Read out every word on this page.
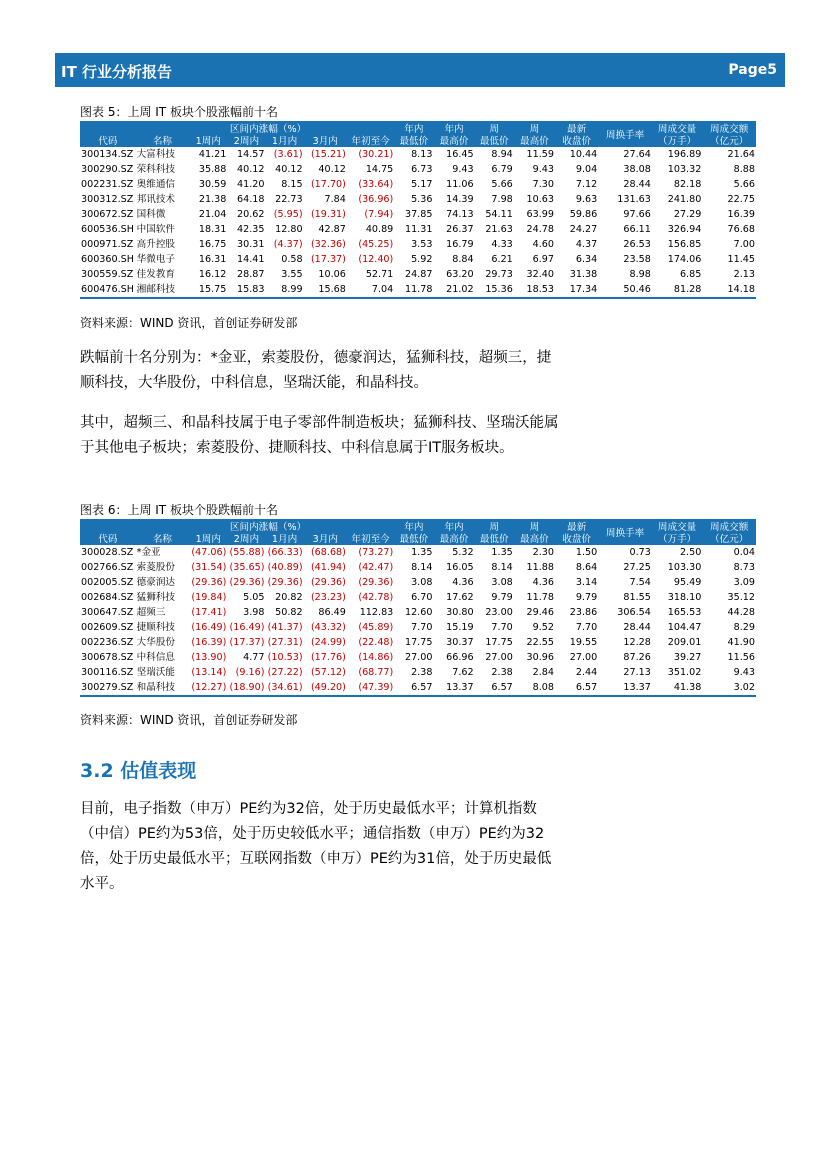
IT 行业分析报告	Page5
图表 5：上周 IT 板块个股涨幅前十名
		区间内涨幅（%）					年内	年内	周	周	最新	周换手率	周成交量	周成交额
代码	名称	1周内	2周内	1月内	3月内	年初至今	最低价	最高价	最低价	最高价	收盘价		（万手）	（亿元）
300134.SZ	大富科技	41.21	14.57	(3.61)	(15.21)	(30.21)	8.13	16.45	8.94	11.59	10.44	27.64	196.89	21.64
300290.SZ	荣科科技	35.88	40.12	40.12	40.12	14.75	6.73	9.43	6.79	9.43	9.04	38.08	103.32	8.88
002231.SZ	奥维通信	30.59	41.20	8.15	(17.70)	(33.64)	5.17	11.06	5.66	7.30	7.12	28.44	82.18	5.66
300312.SZ	邦讯技术	21.38	64.18	22.73	7.84	(36.96)	5.36	14.39	7.98	10.63	9.63	131.63	241.80	22.75
300672.SZ	国科微	21.04	20.62	(5.95)	(19.31)	(7.94)	37.85	74.13	54.11	63.99	59.86	97.66	27.29	16.39
600536.SH	中国软件	18.31	42.35	12.80	42.87	40.89	11.31	26.37	21.63	24.78	24.27	66.11	326.94	76.68
000971.SZ	高升控股	16.75	30.31	(4.37)	(32.36)	(45.25)	3.53	16.79	4.33	4.60	4.37	26.53	156.85	7.00
600360.SH	华微电子	16.31	14.41	0.58	(17.37)	(12.40)	5.92	8.84	6.21	6.97	6.34	23.58	174.06	11.45
300559.SZ	佳发教育	16.12	28.87	3.55	10.06	52.71	24.87	63.20	29.73	32.40	31.38	8.98	6.85	2.13
600476.SH	湘邮科技	15.75	15.83	8.99	15.68	7.04	11.78	21.02	15.36	18.53	17.34	50.46	81.28	14.18
资料来源：WIND 资讯，首创证券研发部
跌幅前十名分别为：*金亚，索菱股份，德豪润达，猛狮科技，超频三，捷顺科技，大华股份，中科信息，坚瑞沃能，和晶科技。
其中，超频三、和晶科技属于电子零部件制造板块；猛狮科技、坚瑞沃能属于其他电子板块；索菱股份、捷顺科技、中科信息属于IT服务板块。
图表 6：上周 IT 板块个股跌幅前十名
		区间内涨幅（%）					年内	年内	周	周	最新	周换手率	周成交量	周成交额
代码	名称	1周内	2周内	1月内	3月内	年初至今	最低价	最高价	最低价	最高价	收盘价		（万手）	（亿元）
300028.SZ	*金亚	(47.06)	(55.88)	(66.33)	(68.68)	(73.27)	1.35	5.32	1.35	2.30	1.50	0.73	2.50	0.04
002766.SZ	索菱股份	(31.54)	(35.65)	(40.89)	(41.94)	(42.47)	8.14	16.05	8.14	11.88	8.64	27.25	103.30	8.73
002005.SZ	德豪润达	(29.36)	(29.36)	(29.36)	(29.36)	(29.36)	3.08	4.36	3.08	4.36	3.14	7.54	95.49	3.09
002684.SZ	猛狮科技	(19.84)	5.05	20.82	(23.23)	(42.78)	6.70	17.62	9.79	11.78	9.79	81.55	318.10	35.12
300647.SZ	超频三	(17.41)	3.98	50.82	86.49	112.83	12.60	30.80	23.00	29.46	23.86	306.54	165.53	44.28
002609.SZ	捷顺科技	(16.49)	(16.49)	(41.37)	(43.32)	(45.89)	7.70	15.19	7.70	9.52	7.70	28.44	104.47	8.29
002236.SZ	大华股份	(16.39)	(17.37)	(27.31)	(24.99)	(22.48)	17.75	30.37	17.75	22.55	19.55	12.28	209.01	41.90
300678.SZ	中科信息	(13.90)	4.77	(10.53)	(17.76)	(14.86)	27.00	66.96	27.00	30.96	27.00	87.26	39.27	11.56
300116.SZ	坚瑞沃能	(13.14)	(9.16)	(27.22)	(57.12)	(68.77)	2.38	7.62	2.38	2.84	2.44	27.13	351.02	9.43
300279.SZ	和晶科技	(12.27)	(18.90)	(34.61)	(49.20)	(47.39)	6.57	13.37	6.57	8.08	6.57	13.37	41.38	3.02
资料来源：WIND 资讯，首创证券研发部
3.2 估值表现
目前，电子指数（申万）PE约为32倍，处于历史最低水平；计算机指数（中信）PE约为53倍，处于历史较低水平；通信指数（申万）PE约为32倍，处于历史最低水平；互联网指数（申万）PE约为31倍，处于历史最低水平。
